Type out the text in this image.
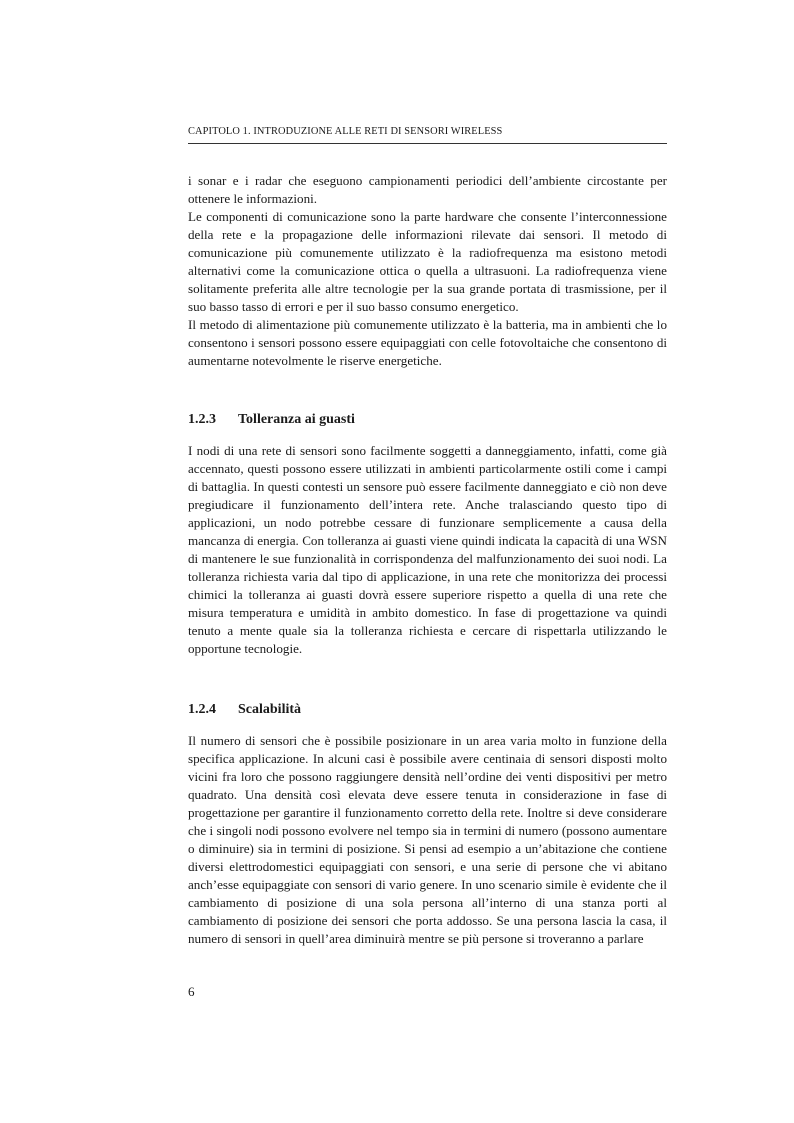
CAPITOLO 1. INTRODUZIONE ALLE RETI DI SENSORI WIRELESS

i sonar e i radar che eseguono campionamenti periodici dell’ambiente circostante per ottenere le informazioni.

Le componenti di comunicazione sono la parte hardware che consente l’interconnessione della rete e la propagazione delle informazioni rilevate dai sensori. Il metodo di comunicazione più comunemente utilizzato è la radiofrequenza ma esistono metodi alternativi come la comunicazione ottica o quella a ultrasuoni. La radiofrequenza viene solitamente preferita alle altre tecnologie per la sua grande portata di trasmissione, per il suo basso tasso di errori e per il suo basso consumo energetico.

Il metodo di alimentazione più comunemente utilizzato è la batteria, ma in ambienti che lo consentono i sensori possono essere equipaggiati con celle fotovoltaiche che consentono di aumentarne notevolmente le riserve energetiche.

1.2.3 Tolleranza ai guasti

I nodi di una rete di sensori sono facilmente soggetti a danneggiamento, infatti, come già accennato, questi possono essere utilizzati in ambienti particolarmente ostili come i campi di battaglia. In questi contesti un sensore può essere facilmente danneggiato e ciò non deve pregiudicare il funzionamento dell’intera rete. Anche tralasciando questo tipo di applicazioni, un nodo potrebbe cessare di funzionare semplicemente a causa della mancanza di energia. Con tolleranza ai guasti viene quindi indicata la capacità di una WSN di mantenere le sue funzionalità in corrispondenza del malfunzionamento dei suoi nodi. La tolleranza richiesta varia dal tipo di applicazione, in una rete che monitorizza dei processi chimici la tolleranza ai guasti dovrà essere superiore rispetto a quella di una rete che misura temperatura e umidità in ambito domestico. In fase di progettazione va quindi tenuto a mente quale sia la tolleranza richiesta e cercare di rispettarla utilizzando le opportune tecnologie.

1.2.4 Scalabilità

Il numero di sensori che è possibile posizionare in un area varia molto in funzione della specifica applicazione. In alcuni casi è possibile avere centinaia di sensori disposti molto vicini fra loro che possono raggiungere densità nell’ordine dei venti dispositivi per metro quadrato. Una densità così elevata deve essere tenuta in considerazione in fase di progettazione per garantire il funzionamento corretto della rete. Inoltre si deve considerare che i singoli nodi possono evolvere nel tempo sia in termini di numero (possono aumentare o diminuire) sia in termini di posizione. Si pensi ad esempio a un’abitazione che contiene diversi elettrodomestici equipaggiati con sensori, e una serie di persone che vi abitano anch’esse equipaggiate con sensori di vario genere. In uno scenario simile è evidente che il cambiamento di posizione di una sola persona all’interno di una stanza porti al cambiamento di posizione dei sensori che porta addosso. Se una persona lascia la casa, il numero di sensori in quell’area diminuirà mentre se più persone si troveranno a parlare

6
